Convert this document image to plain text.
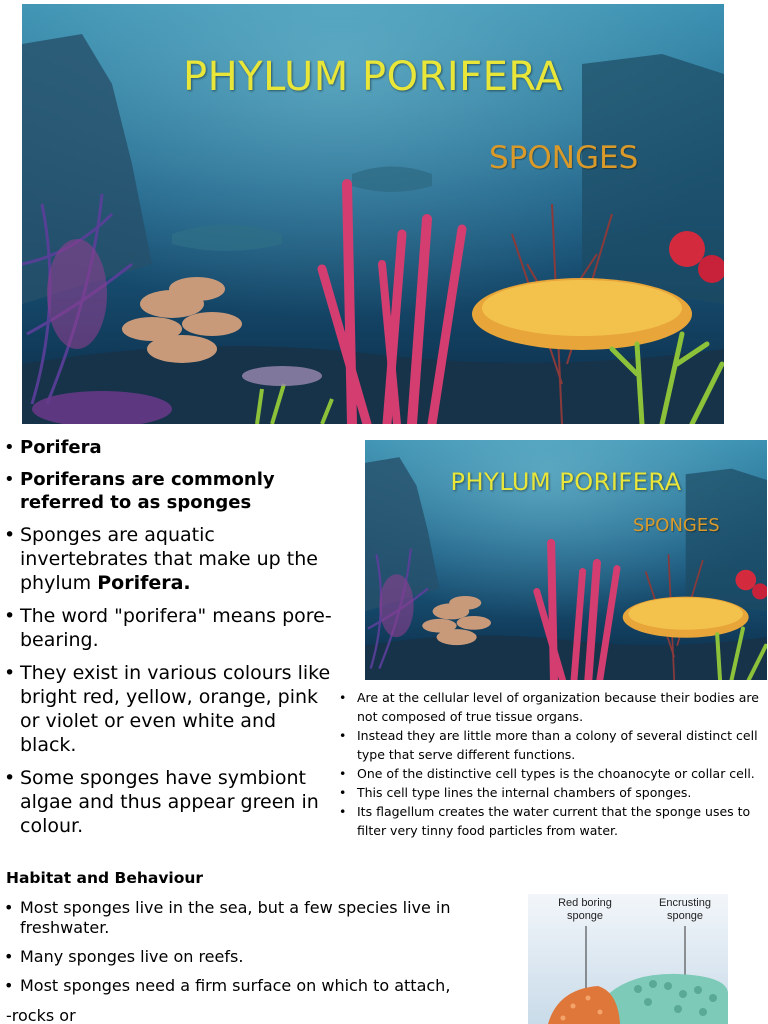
PHYLUM PORIFERA
SPONGES
• Porifera
• Poriferans are commonly referred to as sponges
• Sponges are aquatic invertebrates that make up the phylum Porifera.
• The word "porifera" means pore-bearing.
• They exist in various colours like bright red, yellow, orange, pink or violet or even white and black.
• Some sponges have symbiont algae and thus appear green in colour.
PHYLUM PORIFERA
SPONGES
• Are at the cellular level of organization because their bodies are not composed of true tissue organs.
• Instead they are little more than a colony of several distinct cell type that serve different functions.
• One of the distinctive cell types is the choanocyte or collar cell.
• This cell type lines the internal chambers of sponges.
• Its flagellum creates the water current that the sponge uses to filter very tinny food particles from water.
Habitat and Behaviour
• Most sponges live in the sea, but a few species live in freshwater.
• Many sponges live on reefs.
• Most sponges need a firm surface on which to attach,
-rocks or
Red boring sponge
Encrusting sponge
